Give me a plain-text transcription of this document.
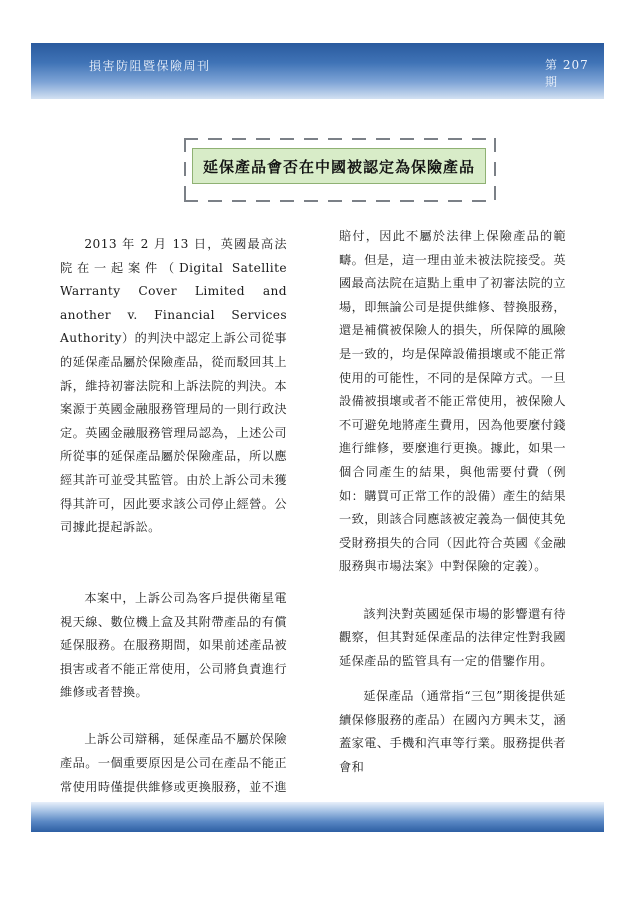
損害防阻暨保險周刊	第 207 期
延保產品會否在中國被認定為保險產品

2013 年 2 月 13 日，英國最高法院在一起案件（Digital Satellite Warranty Cover Limited and another v. Financial Services Authority）的判決中認定上訴公司從事的延保產品屬於保險產品，從而駁回其上訴，維持初審法院和上訴法院的判決。本案源于英國金融服務管理局的一則行政決定。英國金融服務管理局認為，上述公司所從事的延保產品屬於保險產品，所以應經其許可並受其監管。由於上訴公司未獲得其許可，因此要求該公司停止經營。公司據此提起訴訟。

本案中，上訴公司為客戶提供衛星電視天線、數位機上盒及其附帶產品的有償延保服務。在服務期間，如果前述產品被損害或者不能正常使用，公司將負責進行維修或者替換。

上訴公司辯稱，延保產品不屬於保險產品。一個重要原因是公司在產品不能正常使用時僅提供維修或更換服務，並不進

賠付，因此不屬於法律上保險產品的範疇。但是，這一理由並未被法院接受。英國最高法院在這點上重申了初審法院的立場，即無論公司是提供維修、替換服務，還是補償被保險人的損失，所保障的風險是一致的，均是保障設備損壞或不能正常使用的可能性，不同的是保障方式。一旦設備被損壞或者不能正常使用，被保險人不可避免地將產生費用，因為他要麼付錢進行維修，要麼進行更換。據此，如果一個合同產生的結果，與他需要付費（例如：購買可正常工作的設備）產生的結果一致，則該合同應該被定義為一個使其免受財務損失的合同（因此符合英國《金融服務與市場法案》中對保險的定義）。

該判決對英國延保市場的影響還有待觀察，但其對延保產品的法律定性對我國延保產品的監管具有一定的借鑒作用。

延保產品（通常指“三包”期後提供延續保修服務的產品）在國內方興未艾，涵蓋家電、手機和汽車等行業。服務提供者會和
